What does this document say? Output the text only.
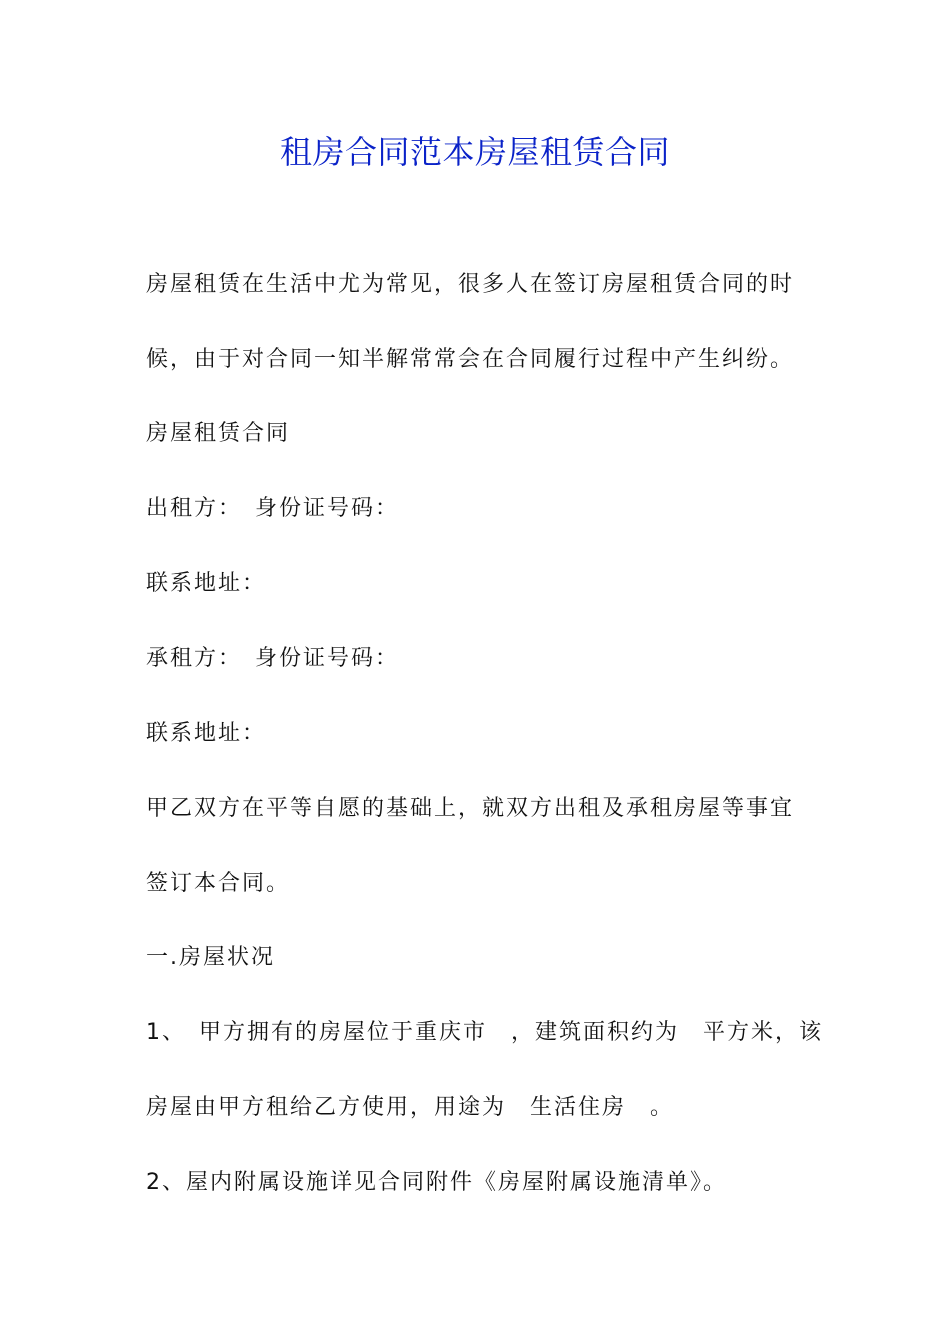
租房合同范本房屋租赁合同

房屋租赁在生活中尤为常见，很多人在签订房屋租赁合同的时

候，由于对合同一知半解常常会在合同履行过程中产生纠纷。

房屋租赁合同

出租方：　身份证号码：

联系地址：

承租方：　身份证号码：

联系地址：

甲乙双方在平等自愿的基础上，就双方出租及承租房屋等事宜

签订本合同。

一.房屋状况

1、　甲方拥有的房屋位于重庆市　，建筑面积约为　平方米，该

房屋由甲方租给乙方使用，用途为　生活住房　。

2、屋内附属设施详见合同附件《房屋附属设施清单》。
